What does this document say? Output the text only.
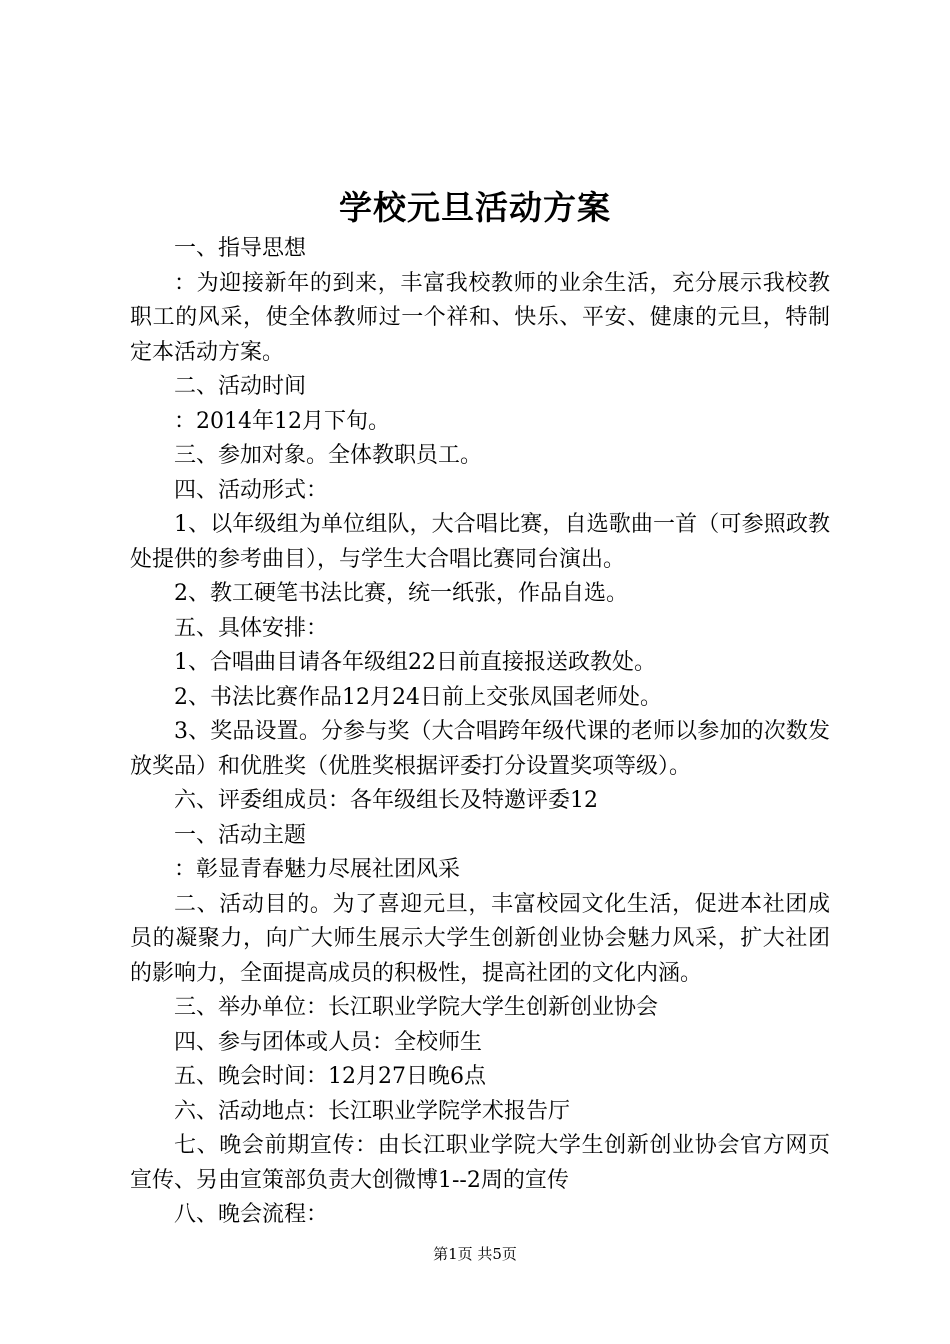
学校元旦活动方案

一、指导思想

：为迎接新年的到来，丰富我校教师的业余生活，充分展示我校教职工的风采，使全体教师过一个祥和、快乐、平安、健康的元旦，特制定本活动方案。

二、活动时间

：2014年12月下旬。

三、参加对象。全体教职员工。

四、活动形式：

1、以年级组为单位组队，大合唱比赛，自选歌曲一首（可参照政教处提供的参考曲目），与学生大合唱比赛同台演出。

2、教工硬笔书法比赛，统一纸张，作品自选。

五、具体安排：

1、合唱曲目请各年级组22日前直接报送政教处。

2、书法比赛作品12月24日前上交张凤国老师处。

3、奖品设置。分参与奖（大合唱跨年级代课的老师以参加的次数发放奖品）和优胜奖（优胜奖根据评委打分设置奖项等级）。

六、评委组成员：各年级组长及特邀评委12

一、活动主题

：彰显青春魅力尽展社团风采

二、活动目的。为了喜迎元旦，丰富校园文化生活，促进本社团成员的凝聚力，向广大师生展示大学生创新创业协会魅力风采，扩大社团的影响力，全面提高成员的积极性，提高社团的文化内涵。

三、举办单位：长江职业学院大学生创新创业协会

四、参与团体或人员：全校师生

五、晚会时间：12月27日晚6点

六、活动地点：长江职业学院学术报告厅

七、晚会前期宣传：由长江职业学院大学生创新创业协会官方网页宣传、另由宣策部负责大创微博1--2周的宣传

八、晚会流程：

第1页 共5页
